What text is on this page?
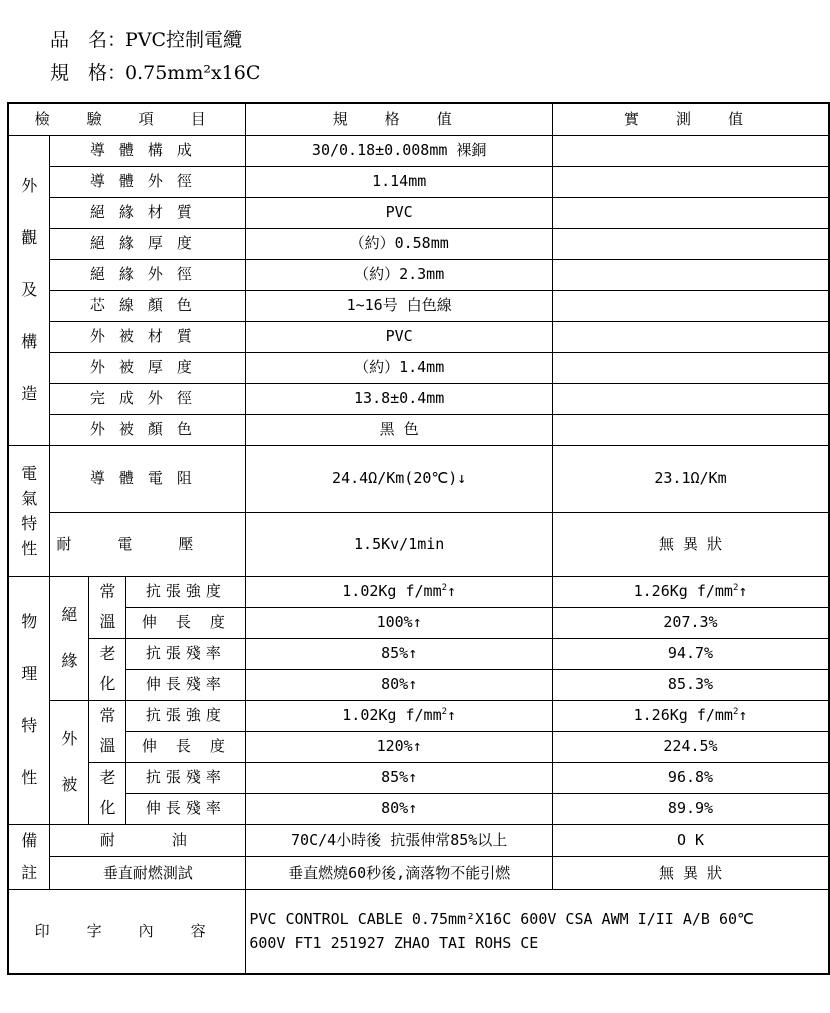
品　名：PVC控制電纜
規　格：0.75mm²x16C
檢 驗 項 目				規 格 值	實 測 值

外觀及構造	導體構成			30/0.18±0.008mm 裸銅	
	導體外徑			1.14mm	
	絕緣材質			PVC	
	絕緣厚度			（約）0.58mm	
	絕緣外徑			（約）2.3mm	
	芯線顏色			1~16号 白色線	
	外被材質			PVC	
	外被厚度			（約）1.4mm	
	完成外徑			13.8±0.4mm	
	外被顏色			黑 色	

電氣特性	導體電阻			24.4Ω/Km(20℃)↓	23.1Ω/Km
	耐電壓			1.5Kv/1min	無 異 狀

物理特性	絕緣	常溫	抗張強度	1.02Kg $f/mm^2↑$	1.26Kg $f/mm^2↑$
			伸 長 度	100%↑	207.3%

		老化	抗張殘率	85%↑	94.7%
			伸長殘率	80%↑	85.3%

	外被	常溫	抗張強度	1.02Kg $f/mm^2↑$	1.26Kg $f/mm^2↑$
			伸 長 度	120%↑	224.5%

		老化	抗張殘率	85%↑	96.8%
			伸長殘率	80%↑	89.9%

備註	耐　　油			70C/4小時後 抗張伸常85%以上	O K
	垂直耐燃測試			垂直燃燒60秒後,滴落物不能引燃	無 異 狀
印 字 內 容				PVC CONTROL CABLE 0.75mm²X16C 600V CSA AWM I/II A/B 60℃
600V FT1 251927 ZHAO TAI ROHS CE	
